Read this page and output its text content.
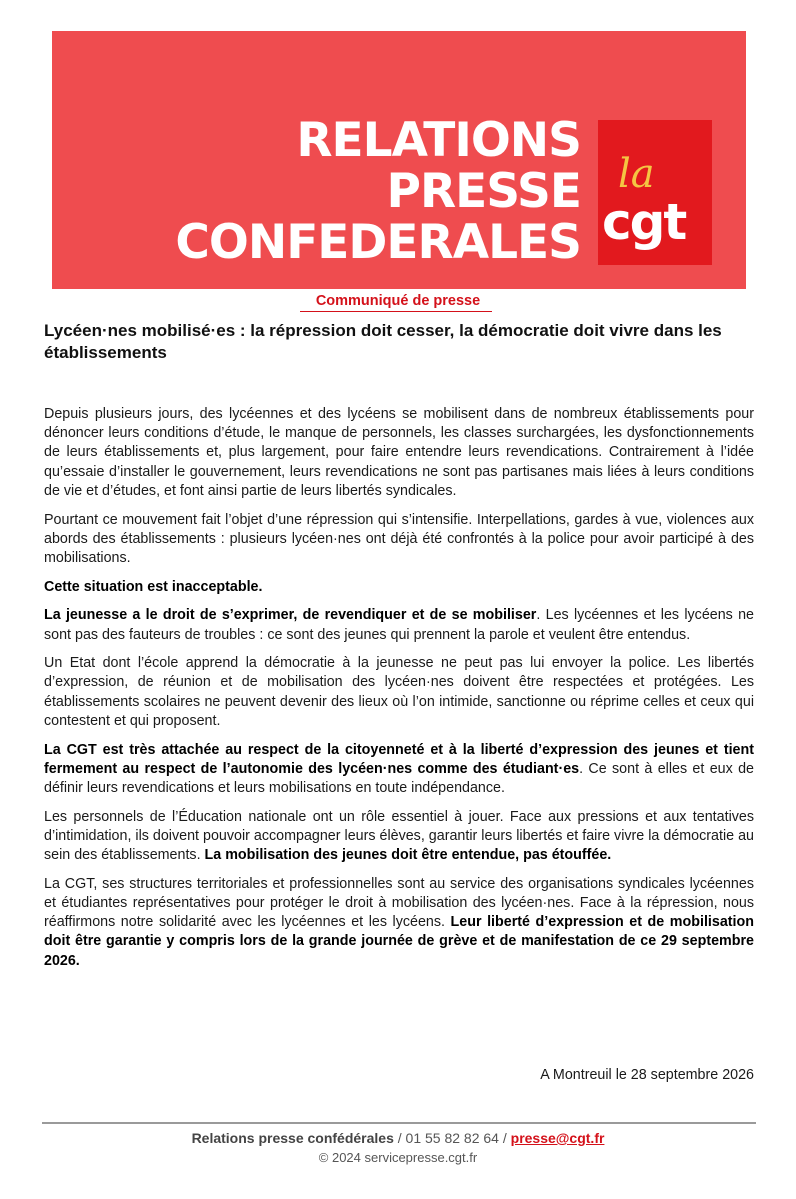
RELATIONS
PRESSE
CONFEDERALES
la
cgt
Communiqué de presse
Lycéen·nes mobilisé·es : la répression doit cesser, la démocratie doit vivre dans les établissements

Depuis plusieurs jours, des lycéennes et des lycéens se mobilisent dans de nombreux établissements pour dénoncer leurs conditions d’étude, le manque de personnels, les classes surchargées, les dysfonctionnements de leurs établissements et, plus largement, pour faire entendre leurs revendications. Contrairement à l’idée qu’essaie d’installer le gouvernement, leurs revendications ne sont pas partisanes mais liées à leurs conditions de vie et d’études, et font ainsi partie de leurs libertés syndicales.

Pourtant ce mouvement fait l’objet d’une répression qui s’intensifie. Interpellations, gardes à vue, violences aux abords des établissements : plusieurs lycéen·nes ont déjà été confrontés à la police pour avoir participé à des mobilisations.

Cette situation est inacceptable.

La jeunesse a le droit de s’exprimer, de revendiquer et de se mobiliser. Les lycéennes et les lycéens ne sont pas des fauteurs de troubles : ce sont des jeunes qui prennent la parole et veulent être entendus.

Un Etat dont l’école apprend la démocratie à la jeunesse ne peut pas lui envoyer la police. Les libertés d’expression, de réunion et de mobilisation des lycéen·nes doivent être respectées et protégées. Les établissements scolaires ne peuvent devenir des lieux où l’on intimide, sanctionne ou réprime celles et ceux qui contestent et qui proposent.

La CGT est très attachée au respect de la citoyenneté et à la liberté d’expression des jeunes et tient fermement au respect de l’autonomie des lycéen·nes comme des étudiant·es. Ce sont à elles et eux de définir leurs revendications et leurs mobilisations en toute indépendance.

Les personnels de l’Éducation nationale ont un rôle essentiel à jouer. Face aux pressions et aux tentatives d’intimidation, ils doivent pouvoir accompagner leurs élèves, garantir leurs libertés et faire vivre la démocratie au sein des établissements. La mobilisation des jeunes doit être entendue, pas étouffée.

La CGT, ses structures territoriales et professionnelles sont au service des organisations syndicales lycéennes et étudiantes représentatives pour protéger le droit à mobilisation des lycéen·nes. Face à la répression, nous réaffirmons notre solidarité avec les lycéennes et les lycéens. Leur liberté d’expression et de mobilisation doit être garantie y compris lors de la grande journée de grève et de manifestation de ce 29 septembre 2026.

A Montreuil le 28 septembre 2026
Relations presse confédérales / 01 55 82 82 64 / presse@cgt.fr
© 2024 servicepresse.cgt.fr
